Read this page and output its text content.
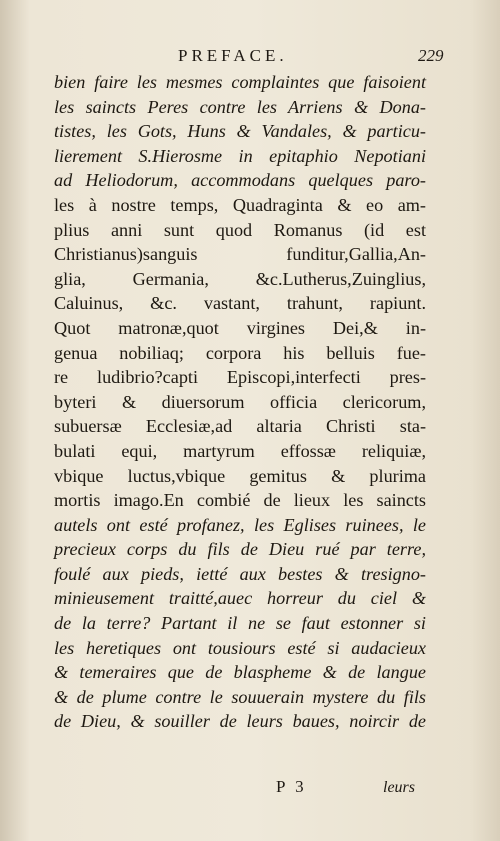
PREFACE.	229
bien faire les mesmes complaintes que faisoient
les saincts Peres contre les Arriens & Dona-
tistes, les Gots, Huns & Vandales, & particu-
lierement S.Hierosme in epitaphio Nepotiani
ad Heliodorum, accommodans quelques paro-
les à nostre temps, Quadraginta & eo am-
plius anni sunt quod Romanus (id est
Christianus)sanguis funditur,Gallia,An-
glia, Germania, &c.Lutherus,Zuinglius,
Caluinus, &c. vastant, trahunt, rapiunt.
Quot matronæ,quot virgines Dei,& in-
genua nobiliaq; corpora his belluis fue-
re ludibrio?capti Episcopi,interfecti pres-
byteri & diuersorum officia clericorum,
subuersæ Ecclesiæ,ad altaria Christi sta-
bulati equi, martyrum effossæ reliquiæ,
vbique luctus,vbique gemitus & plurima
mortis imago.En combié de lieux les saincts
autels ont esté profanez, les Eglises ruinees, le
precieux corps du fils de Dieu rué par terre,
foulé aux pieds, ietté aux bestes & tresigno-
minieusement traitté,auec horreur du ciel &
de la terre? Partant il ne se faut estonner si
les heretiques ont tousiours esté si audacieux
& temeraires que de blaspheme & de langue
& de plume contre le souuerain mystere du fils
de Dieu, & souiller de leurs baues, noircir de
P 3	leurs
